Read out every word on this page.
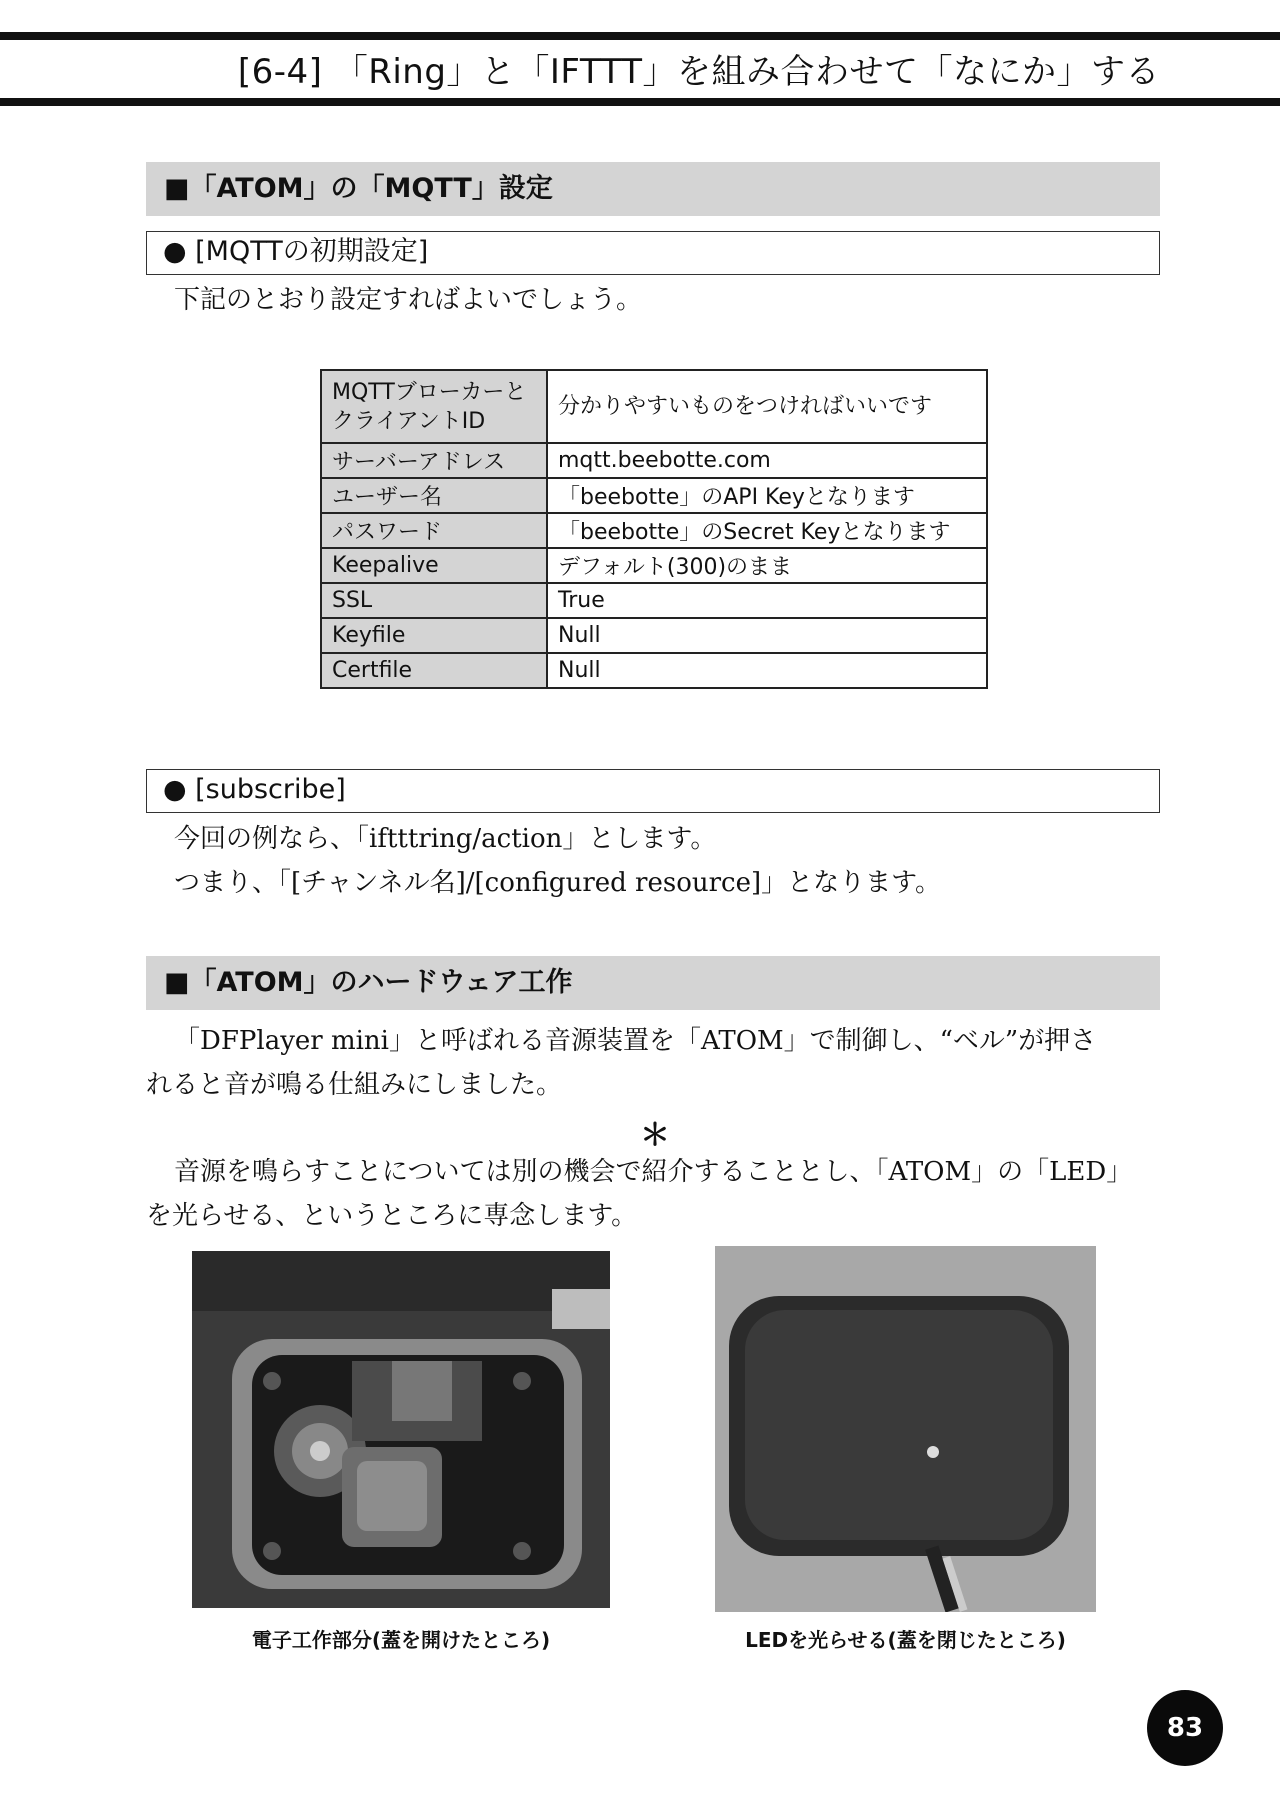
[6-4] 「Ring」と「IFTTT」を組み合わせて「なにか」する
■「ATOM」の「MQTT」設定
● [MQTTの初期設定]
下記のとおり設定すればよいでしょう。
MQTTブローカーと
クライアントID	分かりやすいものをつければいいです
サーバーアドレス	mqtt.beebotte.com
ユーザー名	「beebotte」のAPI Keyとなります
パスワード	「beebotte」のSecret Keyとなります
Keepalive	デフォルト(300)のまま
SSL	True
Keyfile	Null
Certfile	Null
● [subscribe]
今回の例なら、「iftttring/action」とします。
つまり、「[チャンネル名]/[configured resource]」となります。
■「ATOM」のハードウェア工作
「DFPlayer mini」と呼ばれる音源装置を「ATOM」で制御し、“ベル”が押さ
れると音が鳴る仕組みにしました。
＊
音源を鳴らすことについては別の機会で紹介することとし、「ATOM」の「LED」
を光らせる、というところに専念します。
電子工作部分(蓋を開けたところ)	LEDを光らせる(蓋を閉じたところ)
83
